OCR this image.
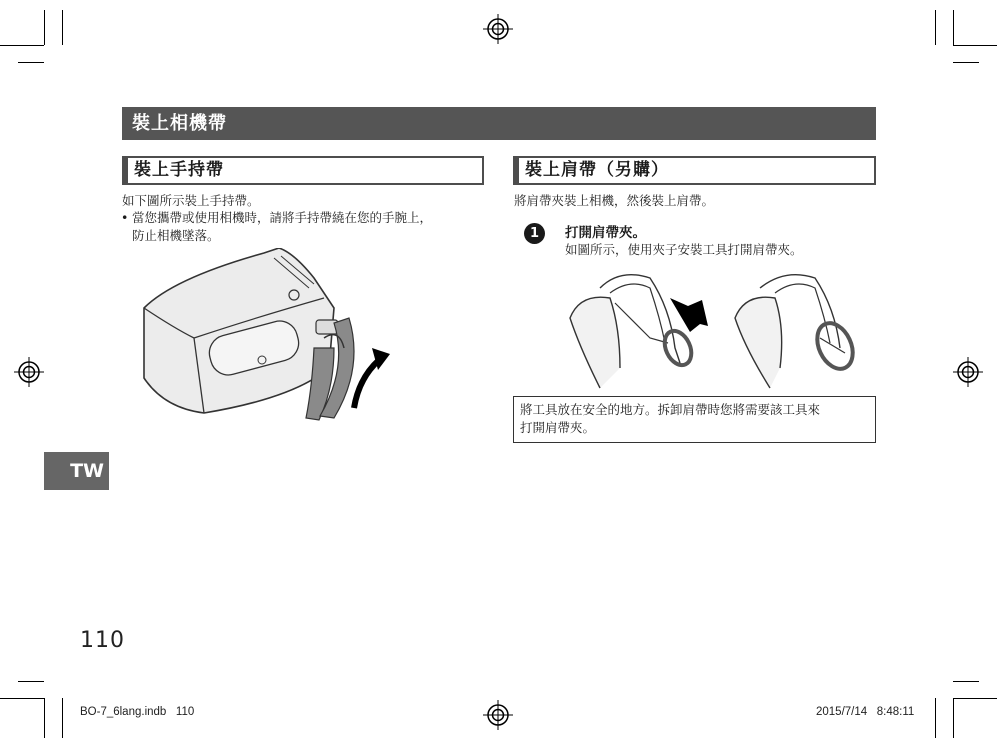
裝上相機帶
裝上手持帶
如下圖所示裝上手持帶。
• 當您攜帶或使用相機時，請將手持帶繞在您的手腕上，
防止相機墜落。
裝上肩帶（另購）
將肩帶夾裝上相機，然後裝上肩帶。
1	打開肩帶夾。
如圖所示，使用夾子安裝工具打開肩帶夾。
將工具放在安全的地方。拆卸肩帶時您將需要該工具來
打開肩帶夾。
TW
110
BO-7_6lang.indb   110	2015/7/14   8:48:11
